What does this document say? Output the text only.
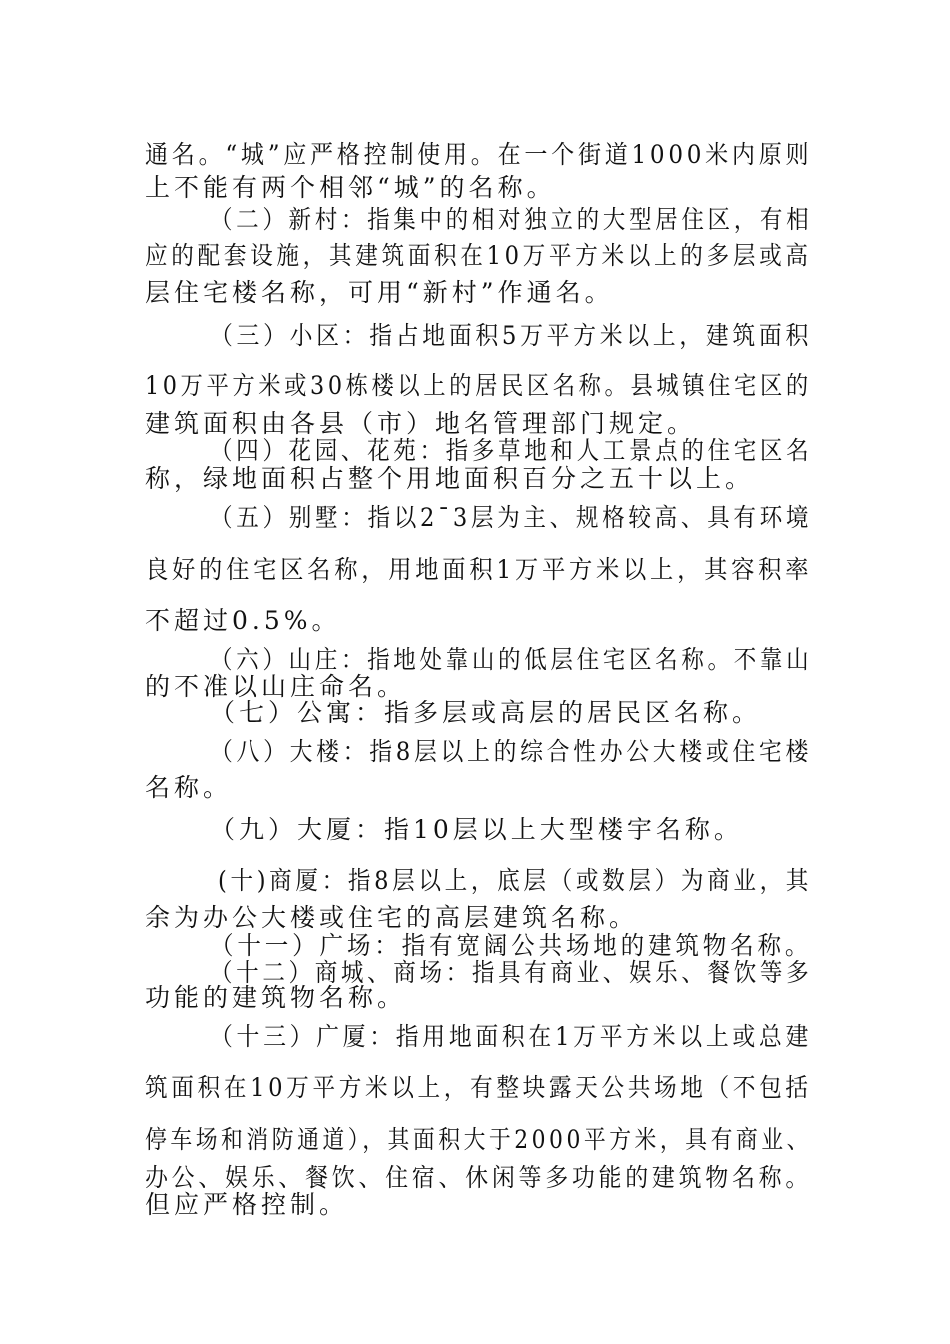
通名。“城”应严格控制使用。在一个街道1000米内原则
上不能有两个相邻“城”的名称。
（二）新村：指集中的相对独立的大型居住区，有相
应的配套设施，其建筑面积在10万平方米以上的多层或高
层住宅楼名称，可用“新村”作通名。
（三）小区：指占地面积5万平方米以上，建筑面积
10万平方米或30栋楼以上的居民区名称。县城镇住宅区的
建筑面积由各县（市）地名管理部门规定。
（四）花园、花苑：指多草地和人工景点的住宅区名
称，绿地面积占整个用地面积百分之五十以上。
（五）别墅：指以2¯3层为主、规格较高、具有环境
良好的住宅区名称，用地面积1万平方米以上，其容积率
不超过0.5%。
（六）山庄：指地处靠山的低层住宅区名称。不靠山
的不准以山庄命名。
（七）公寓：指多层或高层的居民区名称。
（八）大楼：指8层以上的综合性办公大楼或住宅楼
名称。
（九）大厦：指10层以上大型楼宇名称。
(十)商厦：指8层以上，底层（或数层）为商业，其
余为办公大楼或住宅的高层建筑名称。
（十一）广场：指有宽阔公共场地的建筑物名称。
（十二）商城、商场：指具有商业、娱乐、餐饮等多
功能的建筑物名称。
（十三）广厦：指用地面积在1万平方米以上或总建
筑面积在10万平方米以上，有整块露天公共场地（不包括
停车场和消防通道），其面积大于2000平方米，具有商业、
办公、娱乐、餐饮、住宿、休闲等多功能的建筑物名称。
但应严格控制。
